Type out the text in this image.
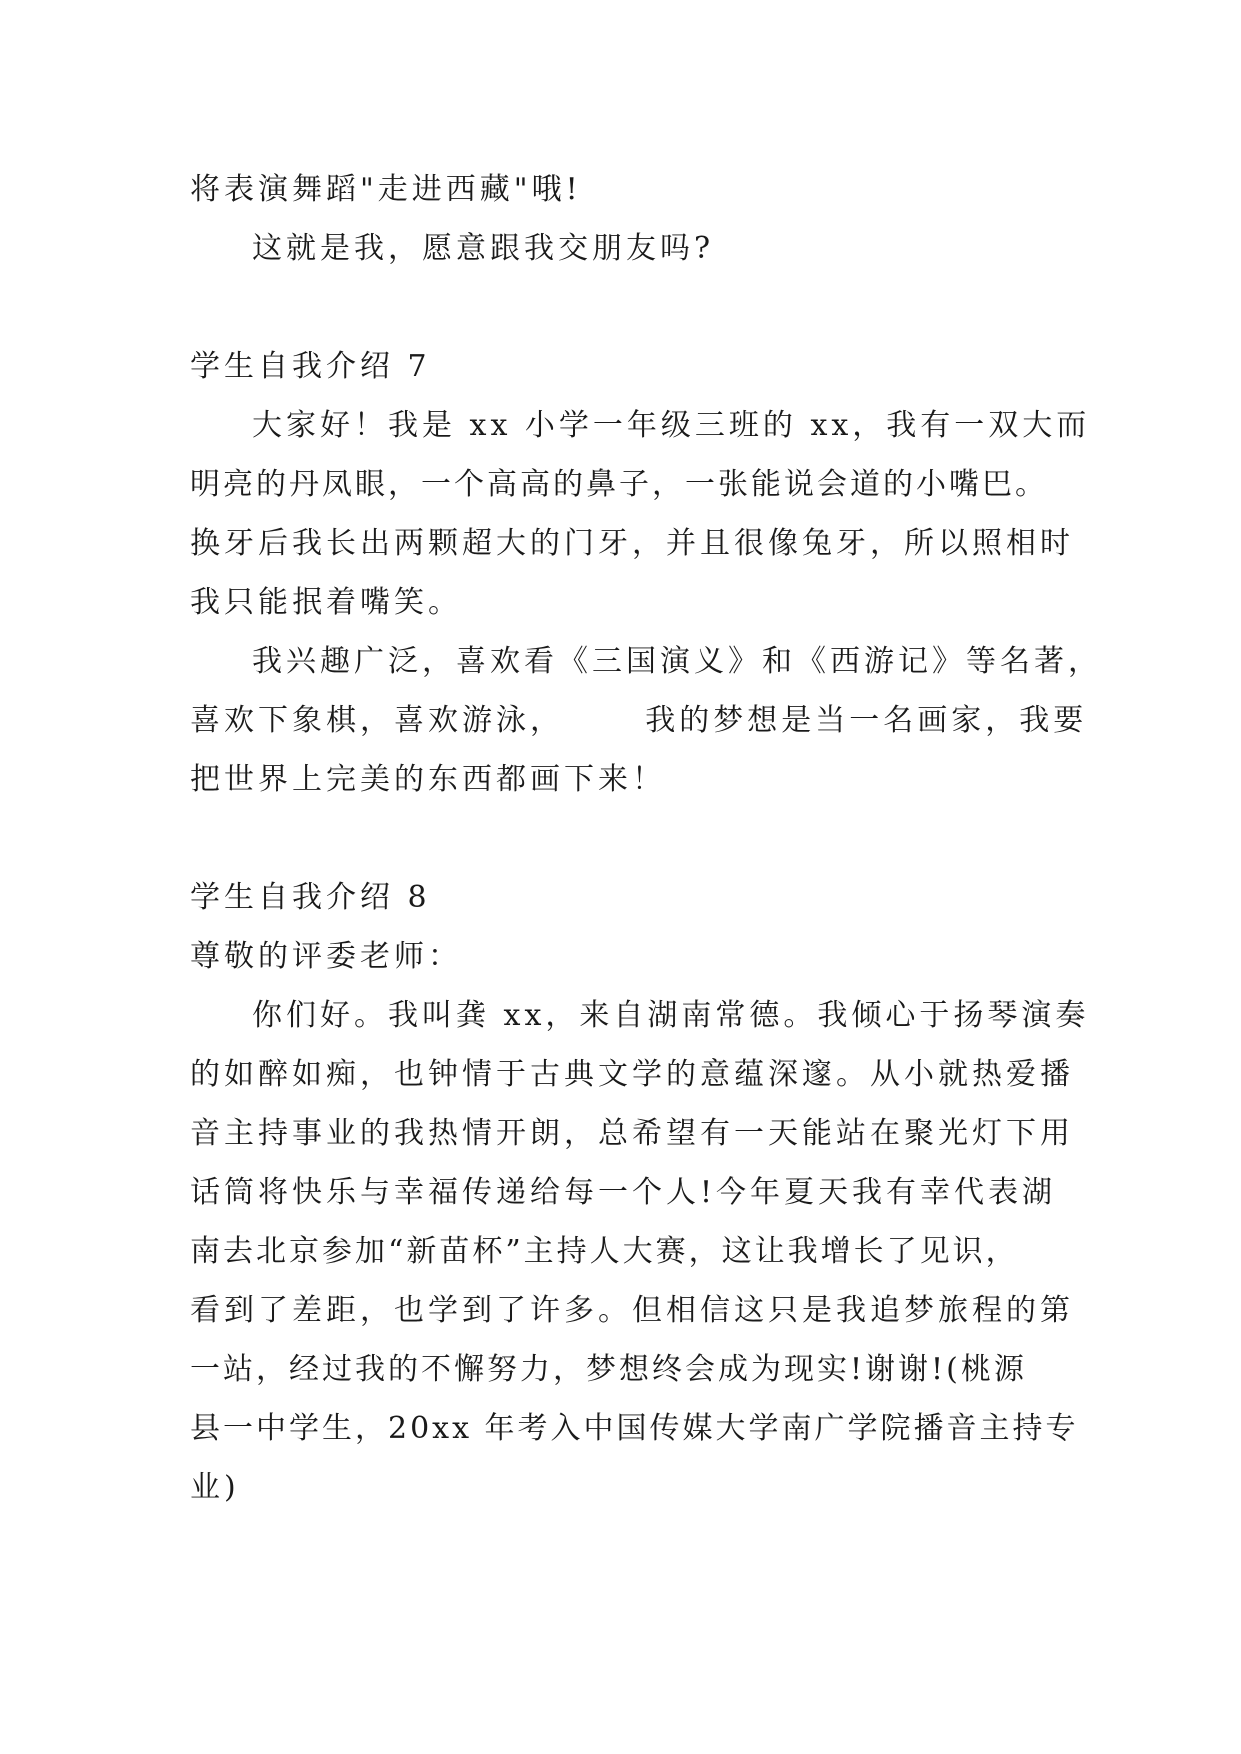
将表演舞蹈"走进西藏"哦!
这就是我，愿意跟我交朋友吗?
学生自我介绍 7
大家好！我是 xx 小学一年级三班的 xx，我有一双大而
明亮的丹凤眼，一个高高的鼻子，一张能说会道的小嘴巴。
换牙后我长出两颗超大的门牙，并且很像兔牙，所以照相时
我只能抿着嘴笑。
我兴趣广泛，喜欢看《三国演义》和《西游记》等名著，
喜欢下象棋，喜欢游泳，      我的梦想是当一名画家，我要
把世界上完美的东西都画下来！
学生自我介绍 8
尊敬的评委老师：
你们好。我叫龚 xx，来自湖南常德。我倾心于扬琴演奏
的如醉如痴，也钟情于古典文学的意蕴深邃。从小就热爱播
音主持事业的我热情开朗，总希望有一天能站在聚光灯下用
话筒将快乐与幸福传递给每一个人!今年夏天我有幸代表湖
南去北京参加“新苗杯”主持人大赛，这让我增长了见识，
看到了差距，也学到了许多。但相信这只是我追梦旅程的第
一站，经过我的不懈努力，梦想终会成为现实!谢谢!(桃源
县一中学生，20xx 年考入中国传媒大学南广学院播音主持专
业)
